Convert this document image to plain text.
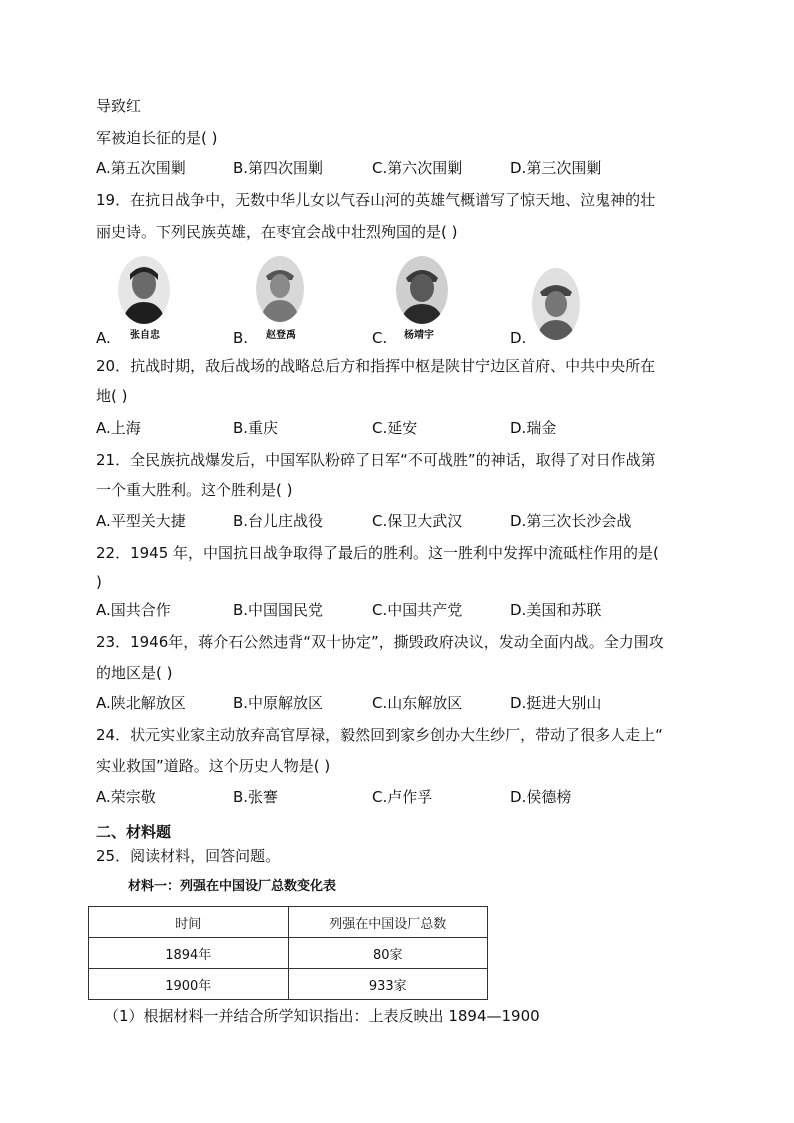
导致红
军被迫长征的是( )
A.第五次围剿	B.第四次围剿	C.第六次围剿	D.第三次围剿
19．在抗日战争中，无数中华儿女以气吞山河的英雄气概谱写了惊天地、泣鬼神的壮
丽史诗。下列民族英雄，在枣宜会战中壮烈殉国的是( )
张自忠	赵登禹	杨靖宇
A.	B.	C.	D.
20．抗战时期，敌后战场的战略总后方和指挥中枢是陕甘宁边区首府、中共中央所在
地( )
A.上海	B.重庆	C.延安	D.瑞金
21．全民族抗战爆发后，中国军队粉碎了日军“不可战胜”的神话，取得了对日作战第
一个重大胜利。这个胜利是( )
A.平型关大捷	B.台儿庄战役	C.保卫大武汉	D.第三次长沙会战
22．1945 年，中国抗日战争取得了最后的胜利。这一胜利中发挥中流砥柱作用的是(
)
A.国共合作	B.中国国民党	C.中国共产党	D.美国和苏联
23．1946年，蒋介石公然违背“双十协定”，撕毁政府决议，发动全面内战。全力围攻
的地区是( )
A.陕北解放区	B.中原解放区	C.山东解放区	D.挺进大别山
24．状元实业家主动放弃高官厚禄，毅然回到家乡创办大生纱厂，带动了很多人走上“
实业救国”道路。这个历史人物是( )
A.荣宗敬	B.张謇	C.卢作孚	D.侯德榜
二、材料题
25．阅读材料，回答问题。
材料一：列强在中国设厂总数变化表
时间	列强在中国设厂总数
1894年	80家
1900年	933家
（1）根据材料一并结合所学知识指出：上表反映出 1894—1900
